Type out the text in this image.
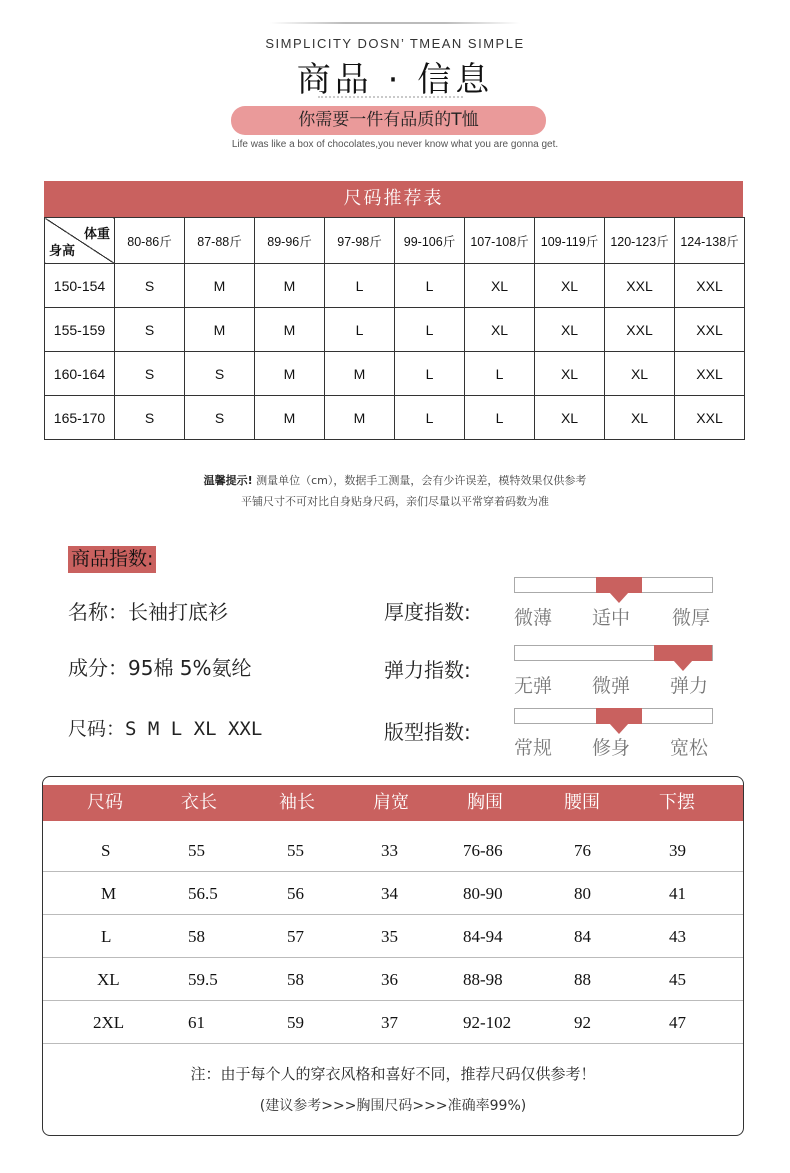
SIMPLICITY DOSN’ TMEAN SIMPLE
商品 · 信息
你需要一件有品质的T恤
Life was like a box of chocolates,you never know what you are gonna get.
尺码推荐表
体重
身高	80-86斤	87-88斤	89-96斤	97-98斤	99-106斤	107-108斤	109-119斤	120-123斤	124-138斤
150-154	S	M	M	L	L	XL	XL	XXL	XXL
155-159	S	M	M	L	L	XL	XL	XXL	XXL
160-164	S	S	M	M	L	L	XL	XL	XXL
165-170	S	S	M	M	L	L	XL	XL	XXL
温馨提示! 测量单位（cm），数据手工测量，会有少许误差，模特效果仅供参考
平铺尺寸不可对比自身贴身尺码，亲们尽量以平常穿着码数为准
商品指数:
名称：长袖打底衫
成分：95棉 5%氨纶
尺码：S M L XL XXL
厚度指数: 微薄 适中 微厚
弹力指数:
无弹 微弹 弹力
版型指数:
常规 修身 宽松
尺码	衣长	袖长	肩宽	胸围	腰围	下摆
S	55	55	33	76-86	76	39
M	56.5	56	34	80-90	80	41
L	58	57	35	84-94	84	43
XL	59.5	58	36	88-98	88	45
2XL	61	59	37	92-102	92	47
注：由于每个人的穿衣风格和喜好不同，推荐尺码仅供参考！
(建议参考>>>胸围尺码>>>准确率99%)
